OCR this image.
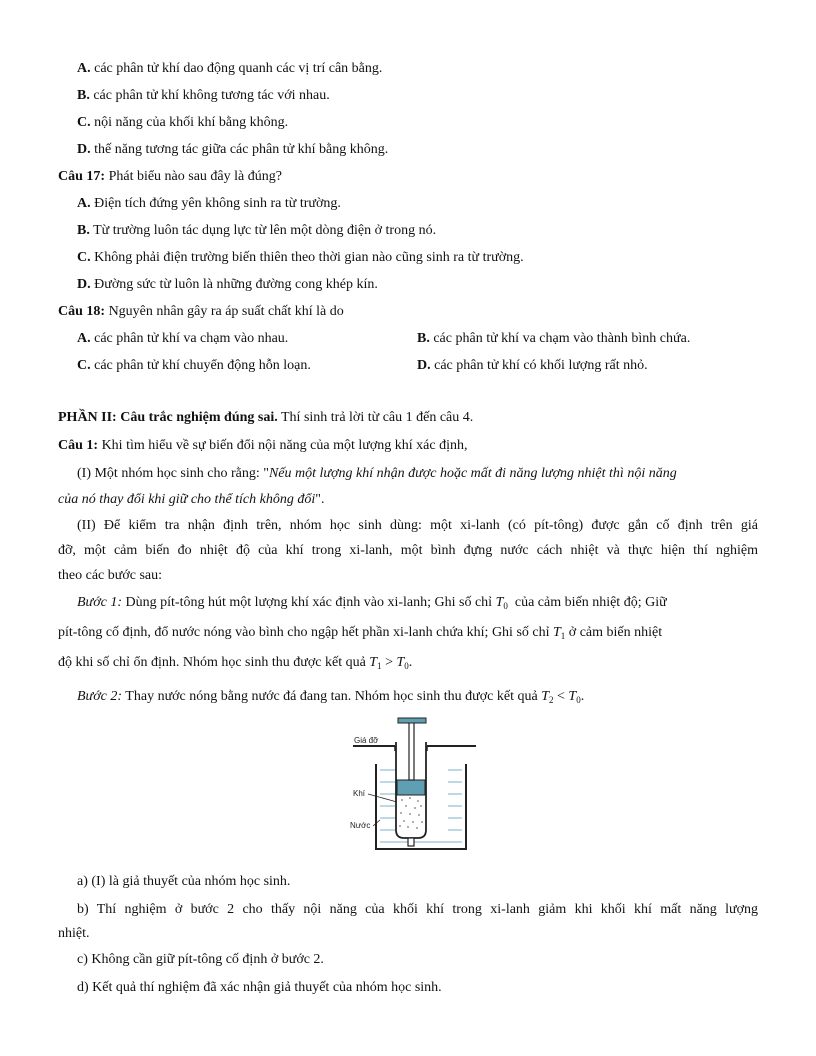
A. các phân tử khí dao động quanh các vị trí cân bằng.
B. các phân tử khí không tương tác với nhau.
C. nội năng của khối khí bằng không.
D. thế năng tương tác giữa các phân tử khí bằng không.
Câu 17: Phát biểu nào sau đây là đúng?
A. Điện tích đứng yên không sinh ra từ trường.
B. Từ trường luôn tác dụng lực từ lên một dòng điện ở trong nó.
C. Không phải điện trường biến thiên theo thời gian nào cũng sinh ra từ trường.
D. Đường sức từ luôn là những đường cong khép kín.
Câu 18: Nguyên nhân gây ra áp suất chất khí là do
A. các phân tử khí va chạm vào nhau.	B. các phân tử khí va chạm vào thành bình chứa.
C. các phân tử khí chuyển động hỗn loạn.	D. các phân tử khí có khối lượng rất nhỏ.
PHẦN II: Câu trắc nghiệm đúng sai. Thí sinh trả lời từ câu 1 đến câu 4.
Câu 1: Khi tìm hiểu về sự biến đổi nội năng của một lượng khí xác định,
(I) Một nhóm học sinh cho rằng: "Nếu một lượng khí nhận được hoặc mất đi năng lượng nhiệt thì nội năng
của nó thay đổi khi giữ cho thể tích không đổi".
(II) Để kiểm tra nhận định trên, nhóm học sinh dùng: một xi-lanh (có pít-tông) được gắn cố định trên giá
đỡ, một cảm biến đo nhiệt độ của khí trong xi-lanh, một bình đựng nước cách nhiệt và thực hiện thí nghiệm
theo các bước sau:
Bước 1: Dùng pít-tông hút một lượng khí xác định vào xi-lanh; Ghi số chỉ $T_0$ của cảm biến nhiệt độ; Giữ
pít-tông cố định, đổ nước nóng vào bình cho ngập hết phần xi-lanh chứa khí; Ghi số chỉ $T_1$ ở cảm biến nhiệt
độ khi số chỉ ổn định. Nhóm học sinh thu được kết quả $T_1 > T_0$.
Bước 2: Thay nước nóng bằng nước đá đang tan. Nhóm học sinh thu được kết quả $T_2 < T_0$.
Giá đỡ
Khí
Nước
a) (I) là giả thuyết của nhóm học sinh.
b) Thí nghiệm ở bước 2 cho thấy nội năng của khối khí trong xi-lanh giảm khi khối khí mất năng lượng
nhiệt.
c) Không cần giữ pít-tông cố định ở bước 2.
d) Kết quả thí nghiệm đã xác nhận giả thuyết của nhóm học sinh.
